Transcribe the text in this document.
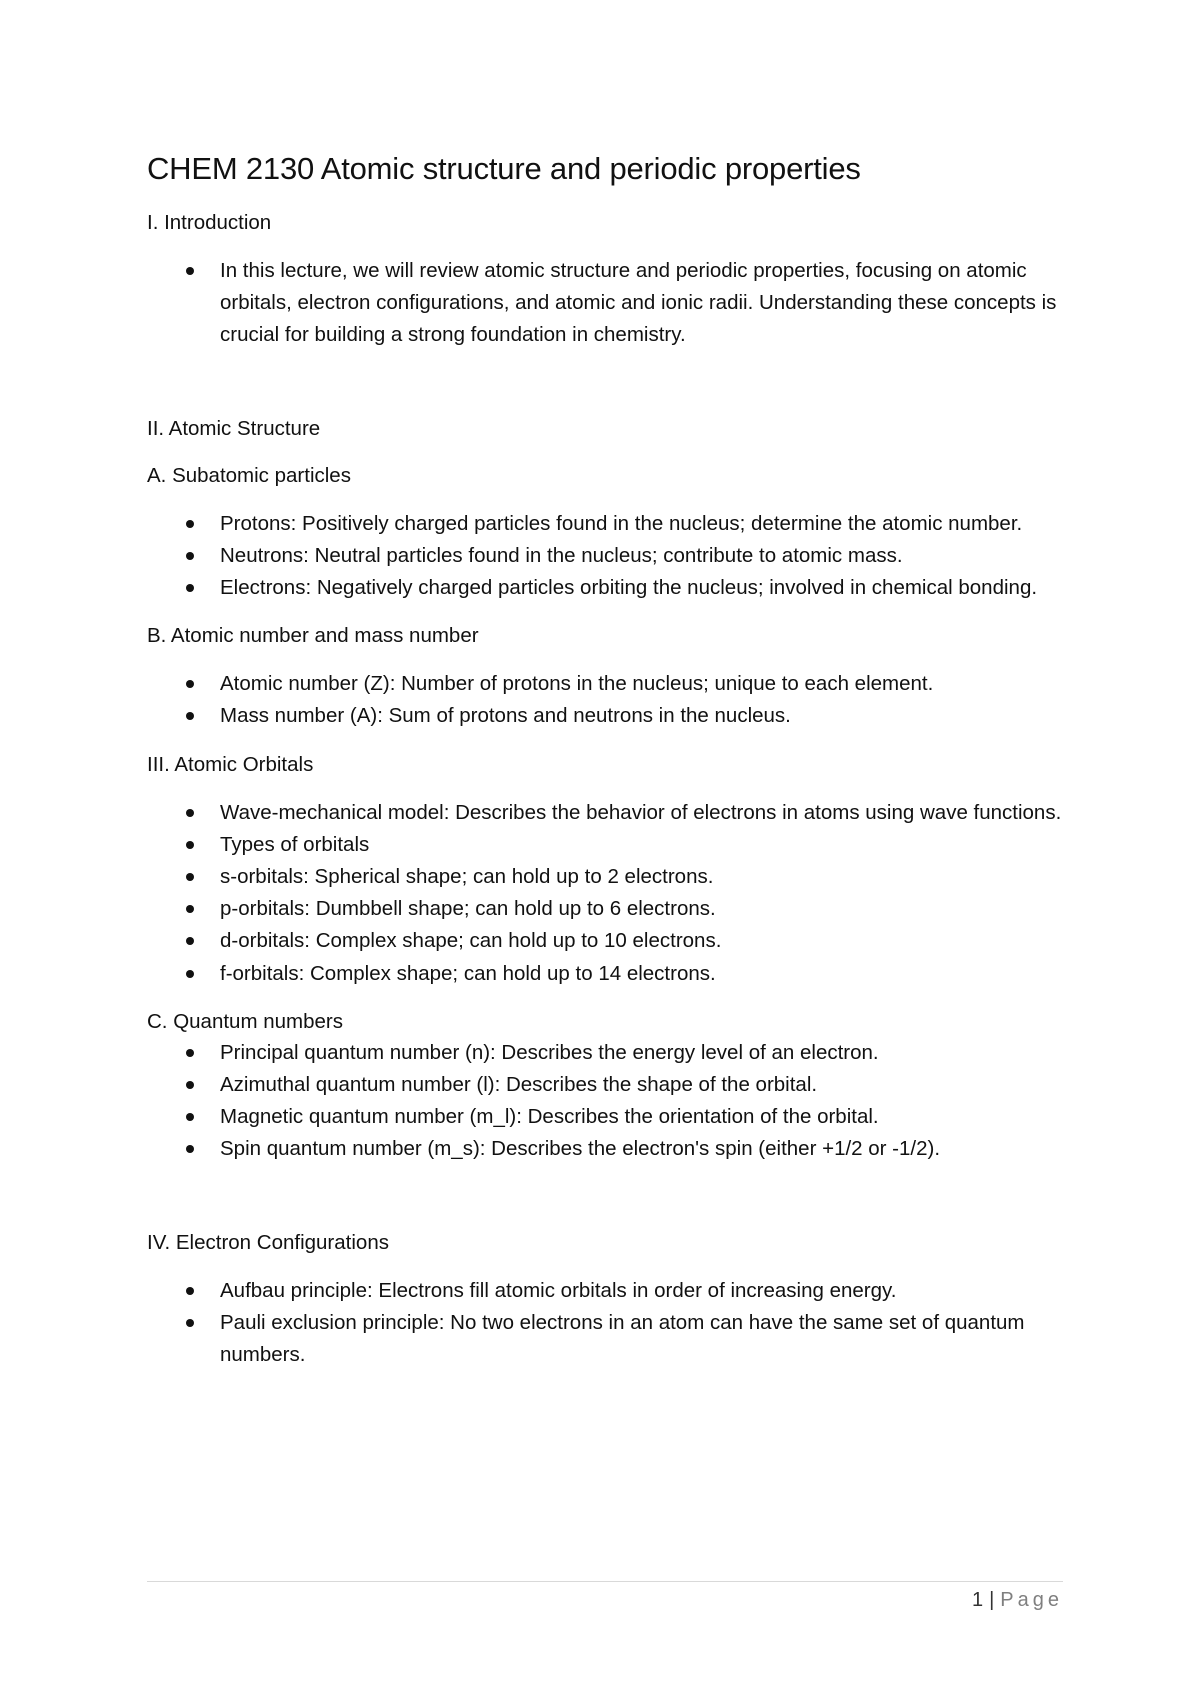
CHEM 2130 Atomic structure and periodic properties

I. Introduction

In this lecture, we will review atomic structure and periodic properties, focusing on atomic orbitals, electron configurations, and atomic and ionic radii. Understanding these concepts is crucial for building a strong foundation in chemistry.

II. Atomic Structure

A. Subatomic particles

Protons: Positively charged particles found in the nucleus; determine the atomic number.
Neutrons: Neutral particles found in the nucleus; contribute to atomic mass.
Electrons: Negatively charged particles orbiting the nucleus; involved in chemical bonding.

B. Atomic number and mass number

Atomic number (Z): Number of protons in the nucleus; unique to each element.
Mass number (A): Sum of protons and neutrons in the nucleus.

III. Atomic Orbitals

Wave-mechanical model: Describes the behavior of electrons in atoms using wave functions.
Types of orbitals
s-orbitals: Spherical shape; can hold up to 2 electrons.
p-orbitals: Dumbbell shape; can hold up to 6 electrons.
d-orbitals: Complex shape; can hold up to 10 electrons.
f-orbitals: Complex shape; can hold up to 14 electrons.

C. Quantum numbers

Principal quantum number (n): Describes the energy level of an electron.
Azimuthal quantum number (l): Describes the shape of the orbital.
Magnetic quantum number (m_l): Describes the orientation of the orbital.
Spin quantum number (m_s): Describes the electron's spin (either +1/2 or -1/2).

IV. Electron Configurations

Aufbau principle: Electrons fill atomic orbitals in order of increasing energy.
Pauli exclusion principle: No two electrons in an atom can have the same set of quantum numbers.
1 | Page
